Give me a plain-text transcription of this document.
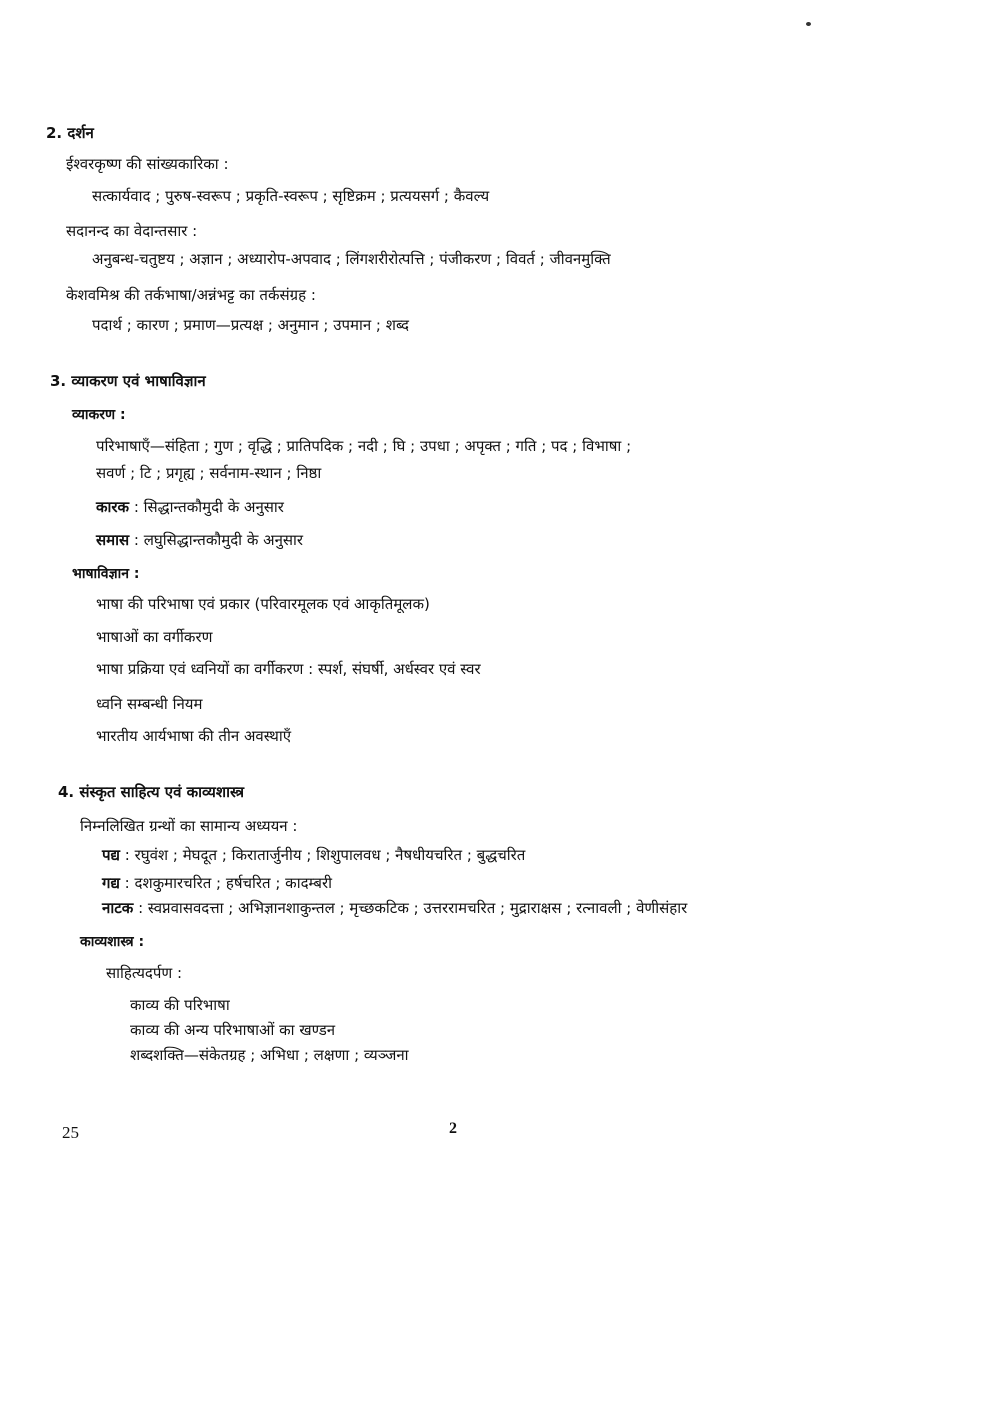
2. दर्शन
ईश्वरकृष्ण की सांख्यकारिका :
सत्कार्यवाद ; पुरुष-स्वरूप ; प्रकृति-स्वरूप ; सृष्टिक्रम ; प्रत्ययसर्ग ; कैवल्य
सदानन्द का वेदान्तसार :
अनुबन्ध-चतुष्टय ; अज्ञान ; अध्यारोप-अपवाद ; लिंगशरीरोत्पत्ति ; पंजीकरण ; विवर्त ; जीवनमुक्ति
केशवमिश्र की तर्कभाषा/अन्नंभट्ट का तर्कसंग्रह :
पदार्थ ; कारण ; प्रमाण—प्रत्यक्ष ; अनुमान ; उपमान ; शब्द
3. व्याकरण एवं भाषाविज्ञान
व्याकरण :
परिभाषाएँ—संहिता ; गुण ; वृद्धि ; प्रातिपदिक ; नदी ; घि ; उपधा ; अपृक्त ; गति ; पद ; विभाषा ;
सवर्ण ; टि ; प्रगृह्य ; सर्वनाम-स्थान ; निष्ठा
कारक : सिद्धान्तकौमुदी के अनुसार
समास : लघुसिद्धान्तकौमुदी के अनुसार
भाषाविज्ञान :
भाषा की परिभाषा एवं प्रकार (परिवारमूलक एवं आकृतिमूलक)
भाषाओं का वर्गीकरण
भाषा प्रक्रिया एवं ध्वनियों का वर्गीकरण : स्पर्श, संघर्षी, अर्धस्वर एवं स्वर
ध्वनि सम्बन्धी नियम
भारतीय आर्यभाषा की तीन अवस्थाएँ
4. संस्कृत साहित्य एवं काव्यशास्त्र
निम्नलिखित ग्रन्थों का सामान्य अध्ययन :
पद्य : रघुवंश ; मेघदूत ; किरातार्जुनीय ; शिशुपालवध ; नैषधीयचरित ; बुद्धचरित
गद्य : दशकुमारचरित ; हर्षचरित ; कादम्बरी
नाटक : स्वप्नवासवदत्ता ; अभिज्ञानशाकुन्तल ; मृच्छकटिक ; उत्तररामचरित ; मुद्राराक्षस ; रत्नावली ; वेणीसंहार
काव्यशास्त्र :
साहित्यदर्पण :
काव्य की परिभाषा
काव्य की अन्य परिभाषाओं का खण्डन
शब्दशक्ति—संकेतग्रह ; अभिधा ; लक्षणा ; व्यञ्जना
25	2
